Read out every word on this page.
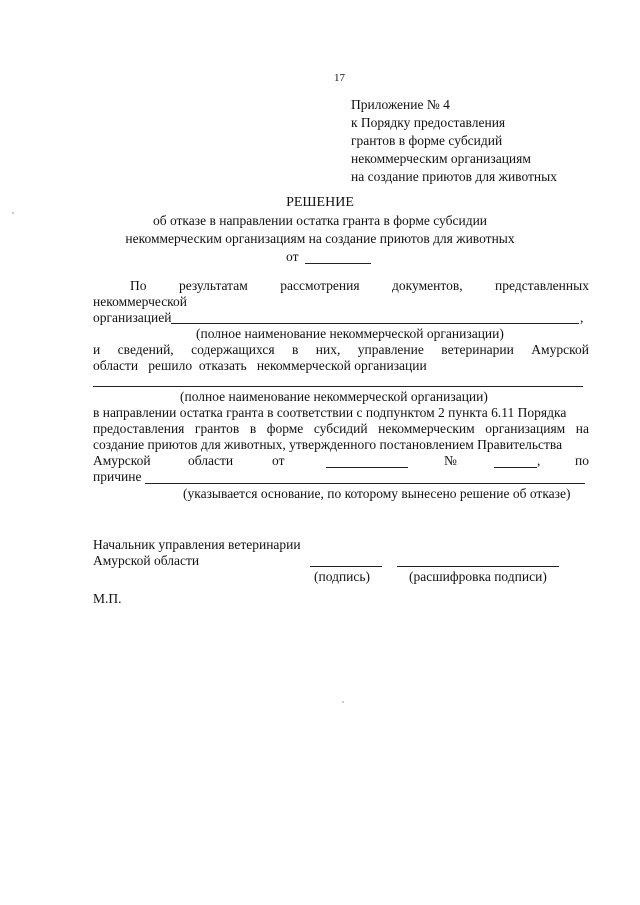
17
Приложение № 4
к Порядку предоставления
грантов в форме субсидий
некоммерческим организациям
на создание приютов для животных
РЕШЕНИЕ
об отказе в направлении остатка гранта в форме субсидии
некоммерческим организациям на создание приютов для животных
от
По результатам рассмотрения документов, представленных
некоммерческой
организацией	,
(полное наименование некоммерческой организации)
и сведений, содержащихся в них, управление ветеринарии Амурской
области   решило  отказать   некоммерческой организации
(полное наименование некоммерческой организации)
в направлении остатка гранта в соответствии с подпунктом 2 пункта 6.11 Порядка
предоставления грантов в форме субсидий некоммерческим организациям на
создание приютов для животных, утвержденного постановлением Правительства
Амурской	области	от	№	,	по
причине
(указывается основание, по которому вынесено решение об отказе)
Начальник управления ветеринарии
Амурской области
(подпись)	(расшифровка подписи)
М.П.
